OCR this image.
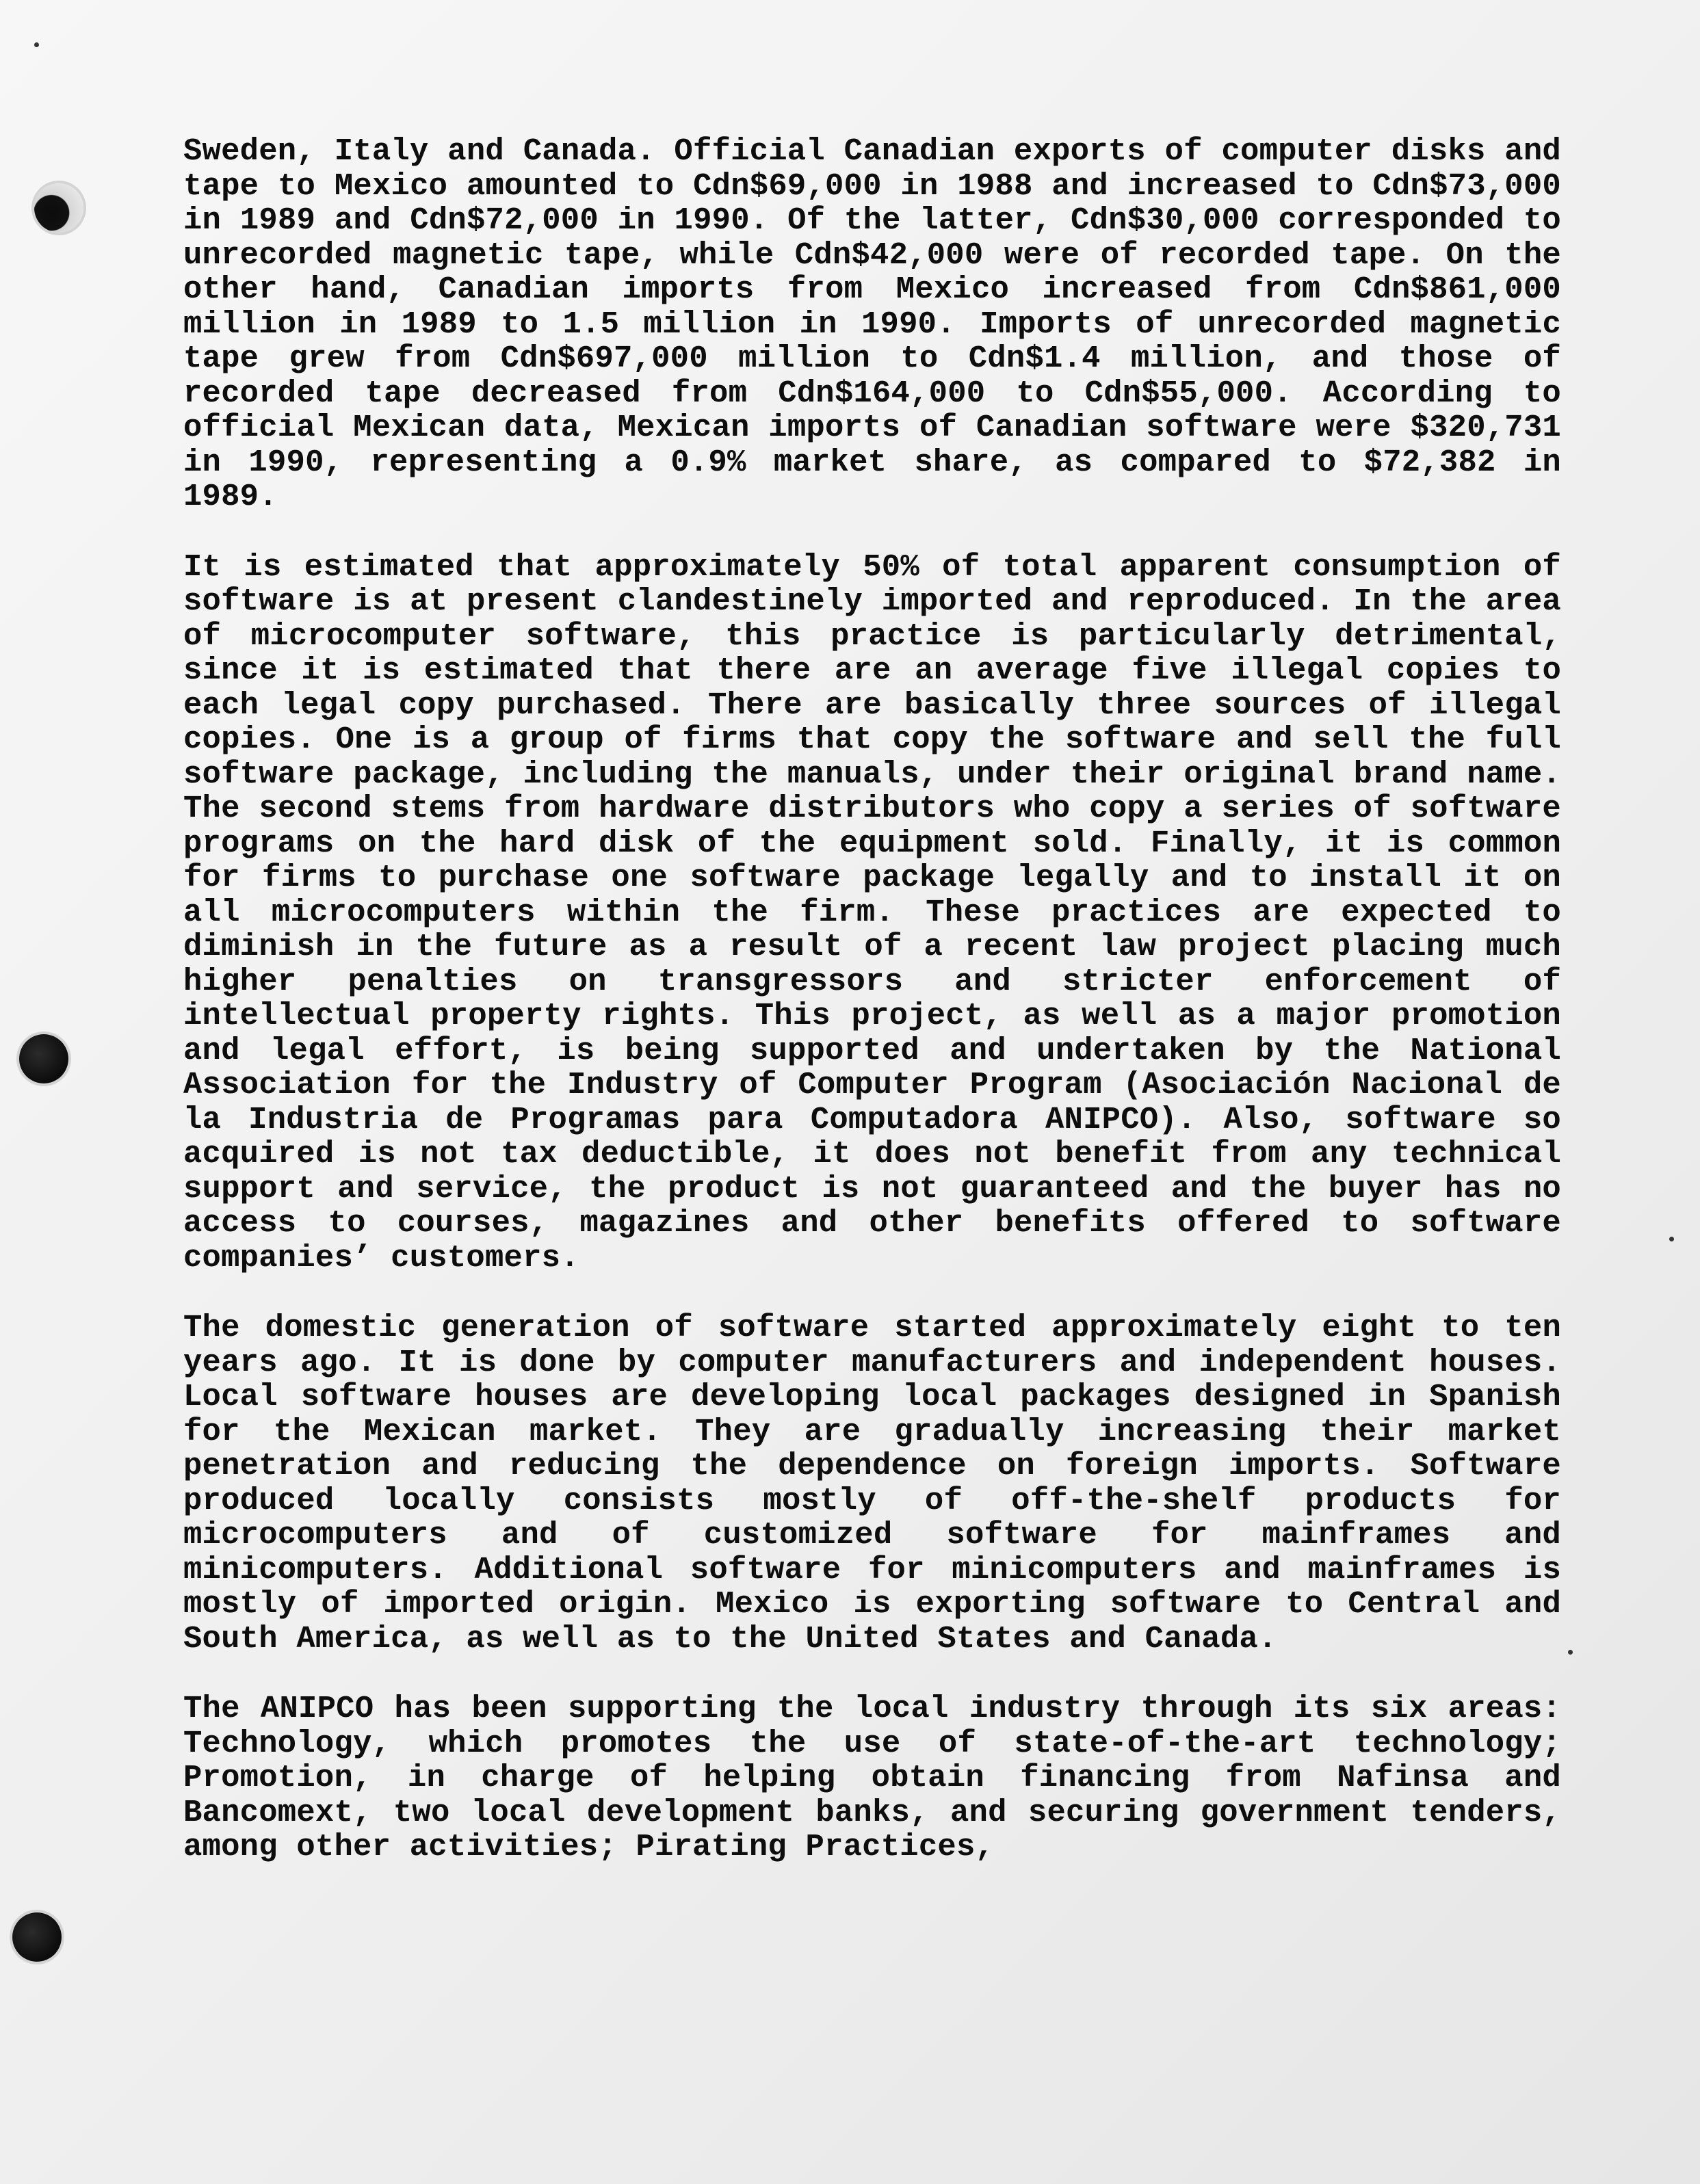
Sweden, Italy and Canada. Official Canadian exports of computer disks and tape to Mexico amounted to Cdn$69,000 in 1988 and increased to Cdn$73,000 in 1989 and Cdn$72,000 in 1990. Of the latter, Cdn$30,000 corresponded to unrecorded magnetic tape, while Cdn$42,000 were of recorded tape. On the other hand, Canadian imports from Mexico increased from Cdn$861,000 million in 1989 to 1.5 million in 1990. Imports of unrecorded magnetic tape grew from Cdn$697,000 million to Cdn$1.4 million, and those of recorded tape decreased from Cdn$164,000 to Cdn$55,000. According to official Mexican data, Mexican imports of Canadian software were $320,731 in 1990, representing a 0.9% market share, as compared to $72,382 in 1989.

It is estimated that approximately 50% of total apparent consumption of software is at present clandestinely imported and reproduced. In the area of microcomputer software, this practice is particularly detrimental, since it is estimated that there are an average five illegal copies to each legal copy purchased. There are basically three sources of illegal copies. One is a group of firms that copy the software and sell the full software package, including the manuals, under their original brand name. The second stems from hardware distributors who copy a series of software programs on the hard disk of the equipment sold. Finally, it is common for firms to purchase one software package legally and to install it on all microcomputers within the firm. These practices are expected to diminish in the future as a result of a recent law project placing much higher penalties on transgressors and stricter enforcement of intellectual property rights. This project, as well as a major promotion and legal effort, is being supported and undertaken by the National Association for the Industry of Computer Program (Asociación Nacional de la Industria de Programas para Computadora ANIPCO). Also, software so acquired is not tax deductible, it does not benefit from any technical support and service, the product is not guaranteed and the buyer has no access to courses, magazines and other benefits offered to software companies’ customers.

The domestic generation of software started approximately eight to ten years ago. It is done by computer manufacturers and independent houses. Local software houses are developing local packages designed in Spanish for the Mexican market. They are gradually increasing their market penetration and reducing the dependence on foreign imports. Software produced locally consists mostly of off-the-shelf products for microcomputers and of customized software for mainframes and minicomputers. Additional software for minicomputers and mainframes is mostly of imported origin. Mexico is exporting software to Central and South America, as well as to the United States and Canada.

The ANIPCO has been supporting the local industry through its six areas: Technology, which promotes the use of state-of-the-art technology; Promotion, in charge of helping obtain financing from Nafinsa and Bancomext, two local development banks, and securing government tenders, among other activities; Pirating Practices,
